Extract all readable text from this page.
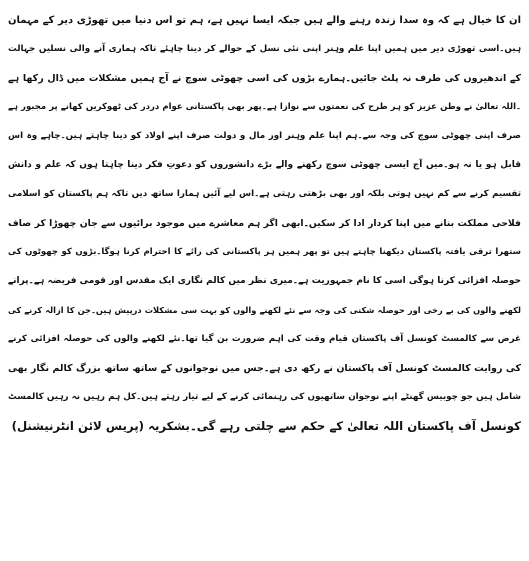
ان کا خیال ہے کہ وہ سدا زندہ رہنے والے ہیں جبکہ ایسا نہیں ہے، ہم تو اس دنیا میں تھوڑی دیر کے مہمان
ہیں۔اسی تھوڑی دیر میں ہمیں اپنا علم وہنر اپنی نئی نسل کے حوالے کر دینا چاہئے تاکہ ہماری آنے والی نسلیں جہالت
کے اندھیروں کی طرف نہ پلٹ جائیں۔ہمارے بڑوں کی اسی چھوٹی سوچ نے آج ہمیں مشکلات میں ڈال رکھا ہے
۔اللہ تعالیٰ نے وطن عزیز کو ہر طرح کی نعمتوں سے نوازا ہے۔پھر بھی پاکستانی عوام دردر کی ٹھوکریں کھانے پر مجبور ہے
صرف اپنی چھوٹی سوچ کی وجہ سے۔ہم اپنا علم وہنر اور مال و دولت صرف اپنے اولاد کو دینا چاہتے ہیں۔چاہے وہ اس
قابل ہو یا نہ ہو۔میں آج ایسی چھوٹی سوچ رکھنے والے بڑے دانشوروں کو دعوتِ فکر دینا چاہتا ہوں کہ علم و دانش
تقسیم کرنے سے کم نہیں ہوتی بلکہ اور بھی بڑھتی رہتی ہے۔اس لیے آئیں ہمارا ساتھ دیں تاکہ ہم پاکستان کو اسلامی
فلاحی مملکت بنانے میں اپنا کردار ادا کر سکیں۔ابھی اگر ہم معاشرے میں موجود برائیوں سے جان چھوڑا کر صاف
ستھرا ترقی یافتہ پاکستان دیکھنا چاہتے ہیں تو پھر ہمیں ہر پاکستانی کی رائے کا احترام کرنا ہوگا۔بڑوں کو چھوٹوں کی
حوصلہ افزائی کرنا ہوگی اسی کا نام جمہوریت ہے۔میری نظر میں کالم نگاری ایک مقدس اور قومی فریضہ ہے۔پرانے
لکھنے والوں کی بے رخی اور حوصلہ شکنی کی وجہ سے نئے لکھنے والوں کو بہت سی مشکلات درپیش ہیں۔جن کا ازالہ کرنے کی
غرض سے کالمسٹ کونسل آف پاکستان قیام وقت کی اہم ضرورت بن گیا تھا۔نئے لکھنے والوں کی حوصلہ افزائی کرنے
کی روایت کالمسٹ کونسل آف پاکستان نے رکھ دی ہے۔جس میں نوجوانوں کے ساتھ ساتھ بزرگ کالم نگار بھی
شامل ہیں جو چوبیس گھنٹے اپنے نوجوان ساتھیوں کی رہنمائی کرنے کے لیے تیار رہتے ہیں۔کل ہم رہیں نہ رہیں کالمسٹ
کونسل آف پاکستان اللہ تعالیٰ کے حکم سے چلتی رہے گی۔بشکریہ (پریس لائن انٹرنیشنل)
